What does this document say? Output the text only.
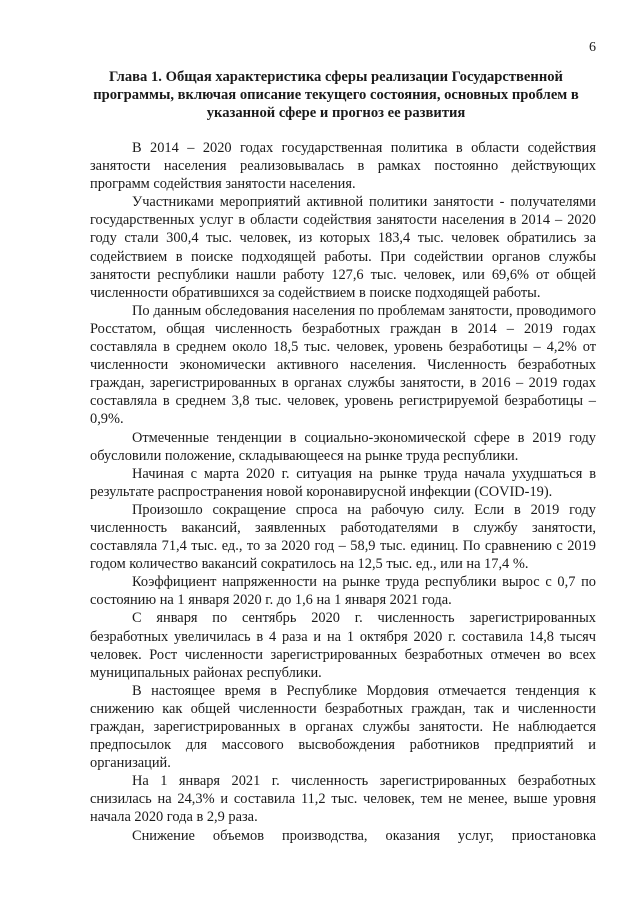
6
Глава 1. Общая характеристика сферы реализации Государственной программы, включая описание текущего состояния, основных проблем в указанной сфере и прогноз ее развития

В 2014 – 2020 годах государственная политика в области содействия занятости населения реализовывалась в рамках постоянно действующих программ содействия занятости населения.

Участниками мероприятий активной политики занятости - получателями государственных услуг в области содействия занятости населения в 2014 – 2020 году стали 300,4 тыс. человек, из которых 183,4 тыс. человек обратились за содействием в поиске подходящей работы. При содействии органов службы занятости республики нашли работу 127,6 тыс. человек, или 69,6% от общей численности обратившихся за содействием в поиске подходящей работы.

По данным обследования населения по проблемам занятости, проводимого Росстатом, общая численность безработных граждан в 2014 – 2019 годах составляла в среднем около 18,5 тыс. человек, уровень безработицы – 4,2% от численности экономически активного населения. Численность безработных граждан, зарегистрированных в органах службы занятости, в 2016 – 2019 годах составляла в среднем 3,8 тыс. человек, уровень регистрируемой безработицы – 0,9%.

Отмеченные тенденции в социально-экономической сфере в 2019 году обусловили положение, складывающееся на рынке труда республики.

Начиная с марта 2020 г. ситуация на рынке труда начала ухудшаться в результате распространения новой коронавирусной инфекции (COVID-19).

Произошло сокращение спроса на рабочую силу. Если в 2019 году численность вакансий, заявленных работодателями в службу занятости, составляла 71,4 тыс. ед., то за 2020 год – 58,9 тыс. единиц. По сравнению с 2019 годом количество вакансий сократилось на 12,5 тыс. ед., или на 17,4 %.

Коэффициент напряженности на рынке труда республики вырос с 0,7 по состоянию на 1 января 2020 г. до 1,6 на 1 января 2021 года.

С января по сентябрь 2020 г. численность зарегистрированных безработных увеличилась в 4 раза и на 1 октября 2020 г. составила 14,8 тысяч человек. Рост численности зарегистрированных безработных отмечен во всех муниципальных районах республики.

В настоящее время в Республике Мордовия отмечается тенденция к снижению как общей численности безработных граждан, так и численности граждан, зарегистрированных в органах службы занятости. Не наблюдается предпосылок для массового высвобождения работников предприятий и организаций.

На 1 января 2021 г. численность зарегистрированных безработных снизилась на 24,3% и составила 11,2 тыс. человек, тем не менее, выше уровня начала 2020 года в 2,9 раза.

Снижение объемов производства, оказания услуг, приостановка
